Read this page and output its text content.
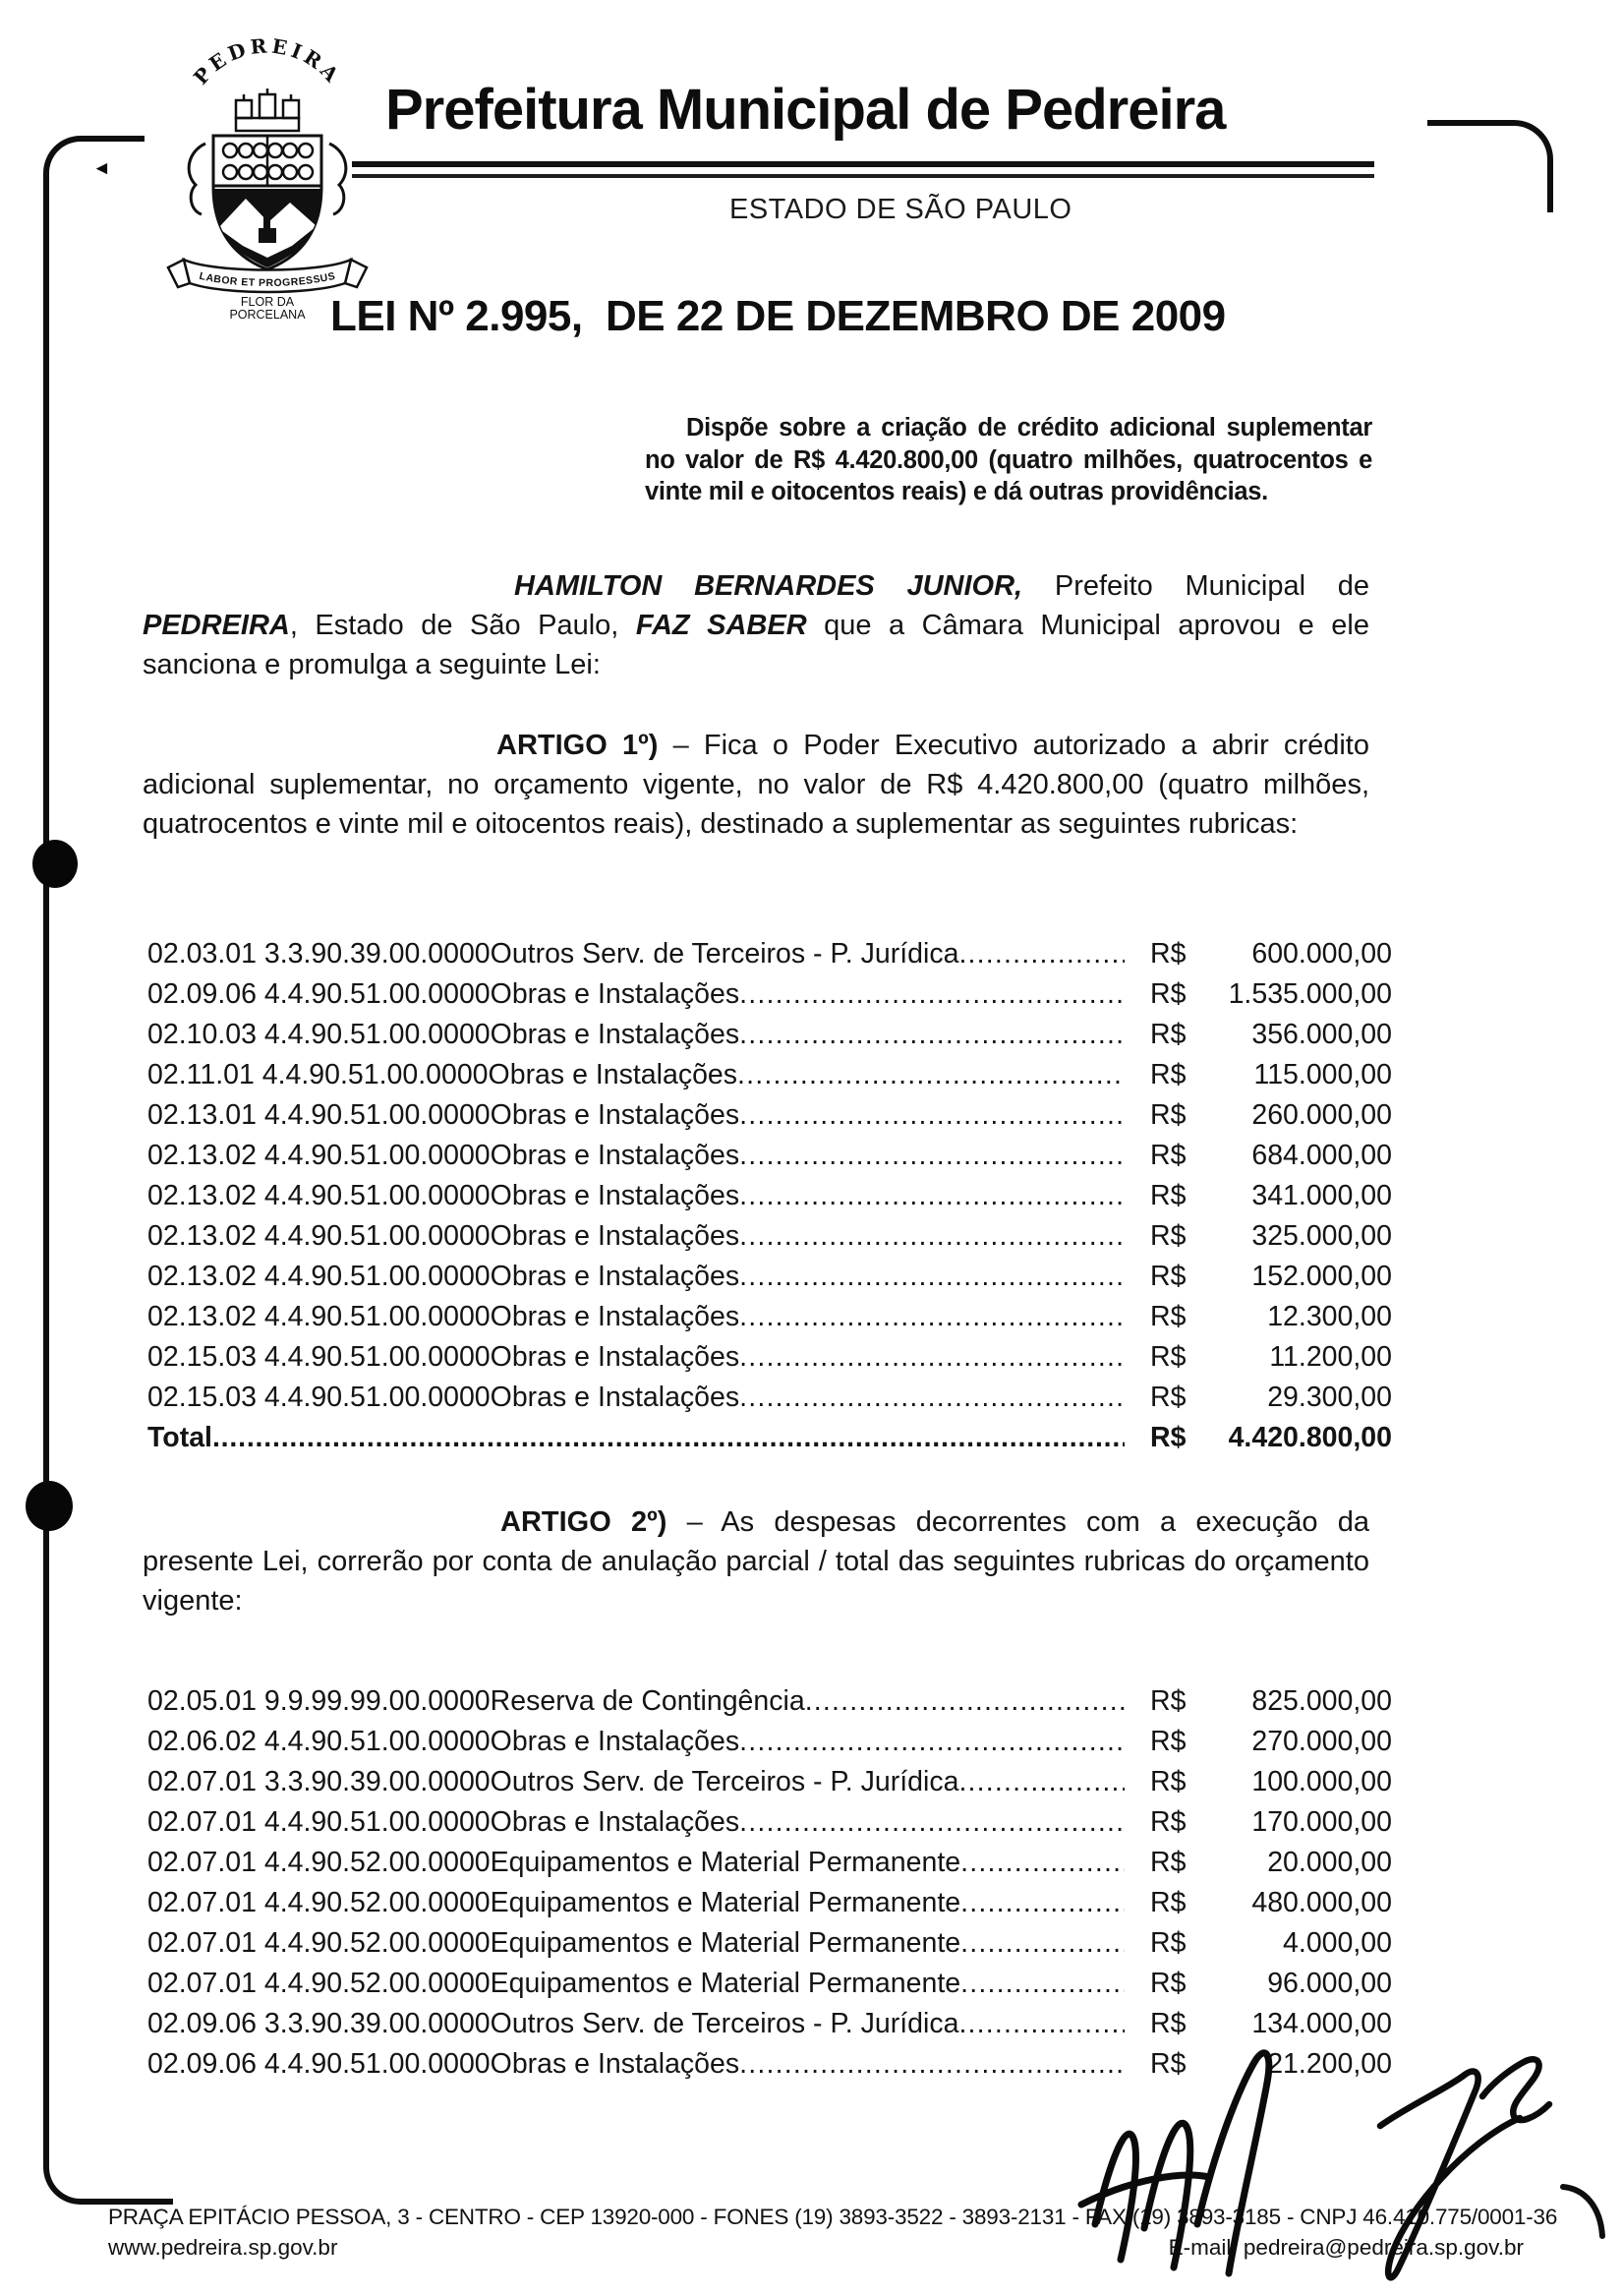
◄
PEDREIRA
LABOR ET PROGRESSUS
FLOR DA
PORCELANA
Prefeitura Municipal de Pedreira
ESTADO DE SÃO PAULO
LEI Nº 2.995,  DE 22 DE DEZEMBRO DE 2009
Dispõe sobre a criação de crédito adicional suplementar no valor de R$ 4.420.800,00 (quatro milhões, quatrocentos e vinte mil e oitocentos reais) e dá outras providências.

HAMILTON BERNARDES JUNIOR, Prefeito Municipal de PEDREIRA, Estado de São Paulo, FAZ SABER que a Câmara Municipal aprovou e ele sanciona e promulga a seguinte Lei:

ARTIGO 1º) – Fica o Poder Executivo autorizado a abrir crédito adicional suplementar, no orçamento vigente, no valor de R$ 4.420.800,00 (quatro milhões, quatrocentos e vinte mil e oitocentos reais), destinado a suplementar as seguintes rubricas:

02.03.01 3.3.90.39.00.0000 Outros Serv. de Terceiros - P. Jurídica .....	R$	600.000,00
02.09.06 4.4.90.51.00.0000 Obras e Instalações .....	R$	1.535.000,00
02.10.03 4.4.90.51.00.0000 Obras e Instalações .....	R$	356.000,00
02.11.01 4.4.90.51.00.0000 Obras e Instalações .....	R$	115.000,00
02.13.01 4.4.90.51.00.0000 Obras e Instalações .....	R$	260.000,00
02.13.02 4.4.90.51.00.0000 Obras e Instalações .....	R$	684.000,00
02.13.02 4.4.90.51.00.0000 Obras e Instalações .....	R$	341.000,00
02.13.02 4.4.90.51.00.0000 Obras e Instalações .....	R$	325.000,00
02.13.02 4.4.90.51.00.0000 Obras e Instalações .....	R$	152.000,00
02.13.02 4.4.90.51.00.0000 Obras e Instalações .....	R$	12.300,00
02.15.03 4.4.90.51.00.0000 Obras e Instalações .....	R$	11.200,00
02.15.03 4.4.90.51.00.0000 Obras e Instalações .....	R$	29.300,00
Total .....	R$	4.420.800,00

ARTIGO 2º) – As despesas decorrentes com a execução da presente Lei, correrão por conta de anulação parcial / total das seguintes rubricas do orçamento vigente:

02.05.01 9.9.99.99.00.0000 Reserva de Contingência .....	R$	825.000,00
02.06.02 4.4.90.51.00.0000 Obras e Instalações .....	R$	270.000,00
02.07.01 3.3.90.39.00.0000 Outros Serv. de Terceiros - P. Jurídica .....	R$	100.000,00
02.07.01 4.4.90.51.00.0000 Obras e Instalações .....	R$	170.000,00
02.07.01 4.4.90.52.00.0000 Equipamentos e Material Permanente .....	R$	20.000,00
02.07.01 4.4.90.52.00.0000 Equipamentos e Material Permanente .....	R$	480.000,00
02.07.01 4.4.90.52.00.0000 Equipamentos e Material Permanente .....	R$	4.000,00
02.07.01 4.4.90.52.00.0000 Equipamentos e Material Permanente .....	R$	96.000,00
02.09.06 3.3.90.39.00.0000 Outros Serv. de Terceiros - P. Jurídica .....	R$	134.000,00
02.09.06 4.4.90.51.00.0000 Obras e Instalações .....	R$	21.200,00
PRAÇA EPITÁCIO PESSOA, 3 - CENTRO - CEP 13920-000 - FONES (19) 3893-3522 - 3893-2131 - FAX (19) 3893-3185 - CNPJ 46.410.775/0001-36
www.pedreira.sp.gov.br	E-mail: pedreira@pedreira.sp.gov.br
